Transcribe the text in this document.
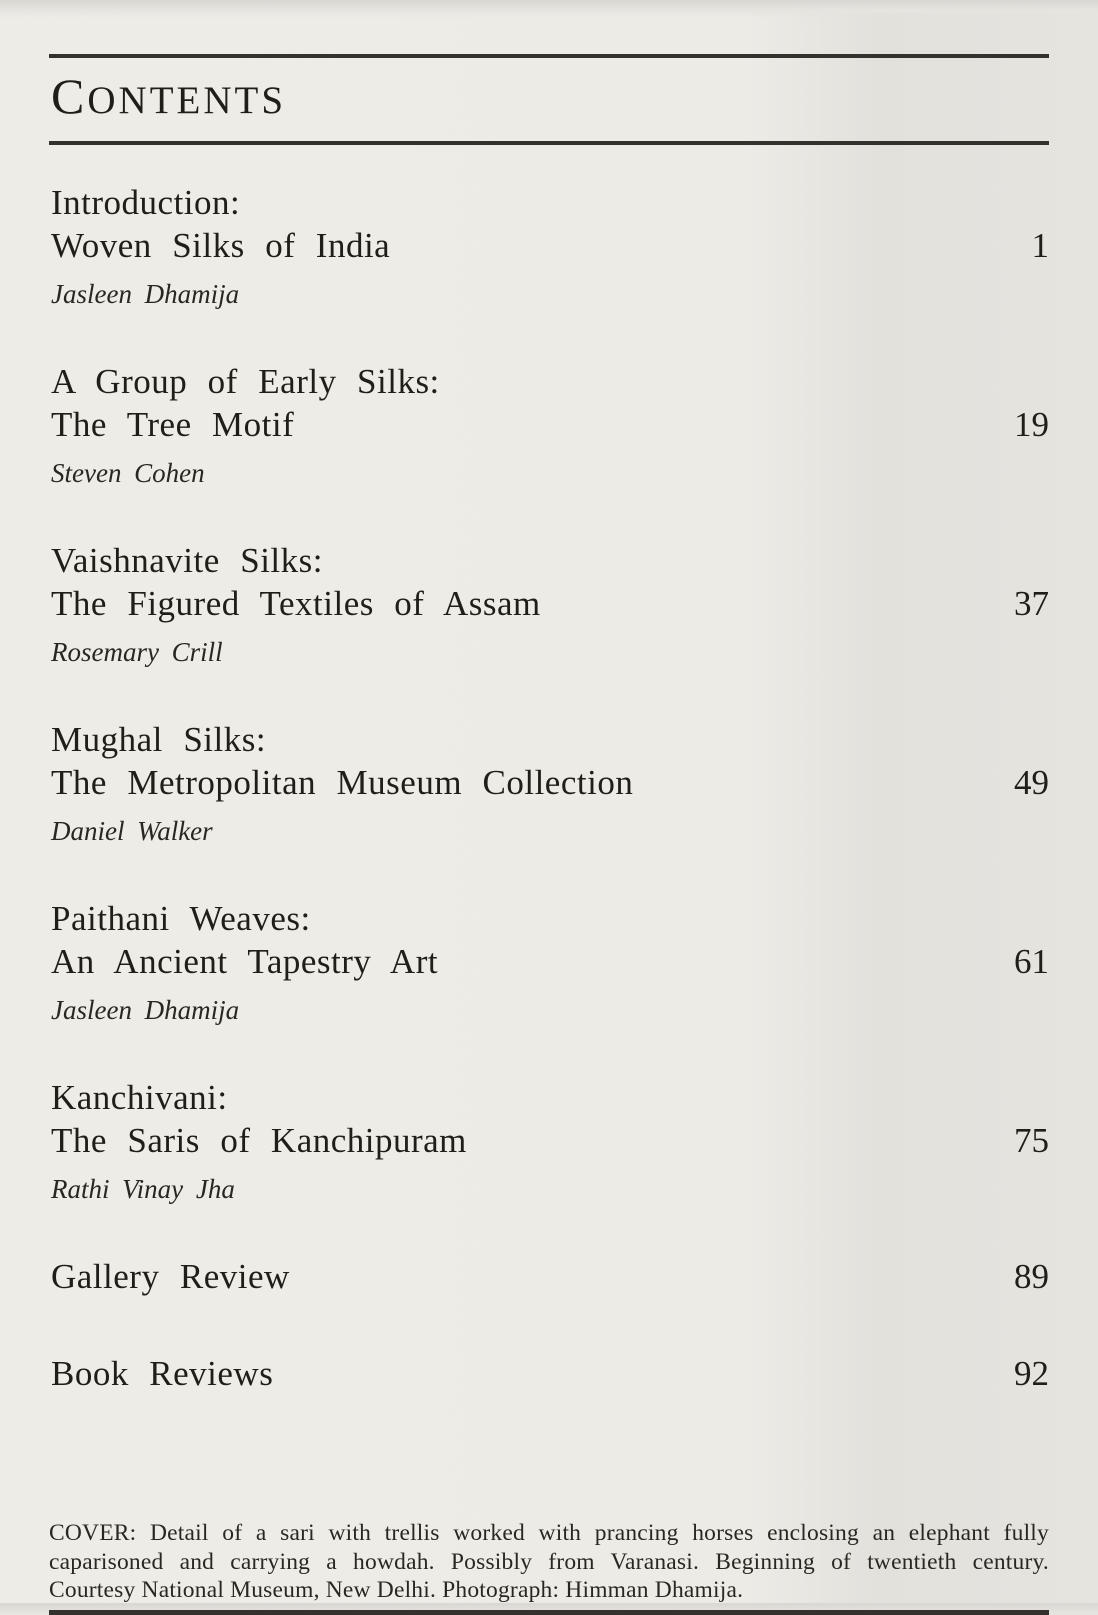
CONTENTS
Introduction:
Woven Silks of India
Jasleen Dhamija
1
A Group of Early Silks:
The Tree Motif
Steven Cohen
19
Vaishnavite Silks:
The Figured Textiles of Assam
Rosemary Crill
37
Mughal Silks:
The Metropolitan Museum Collection
Daniel Walker
49
Paithani Weaves:
An Ancient Tapestry Art
Jasleen Dhamija
61
Kanchivani:
The Saris of Kanchipuram
Rathi Vinay Jha
75
Gallery Review	89
Book Reviews	92
COVER: Detail of a sari with trellis worked with prancing horses enclosing an elephant fully
caparisoned and carrying a howdah. Possibly from Varanasi. Beginning of twentieth century.
Courtesy National Museum, New Delhi. Photograph: Himman Dhamija.
